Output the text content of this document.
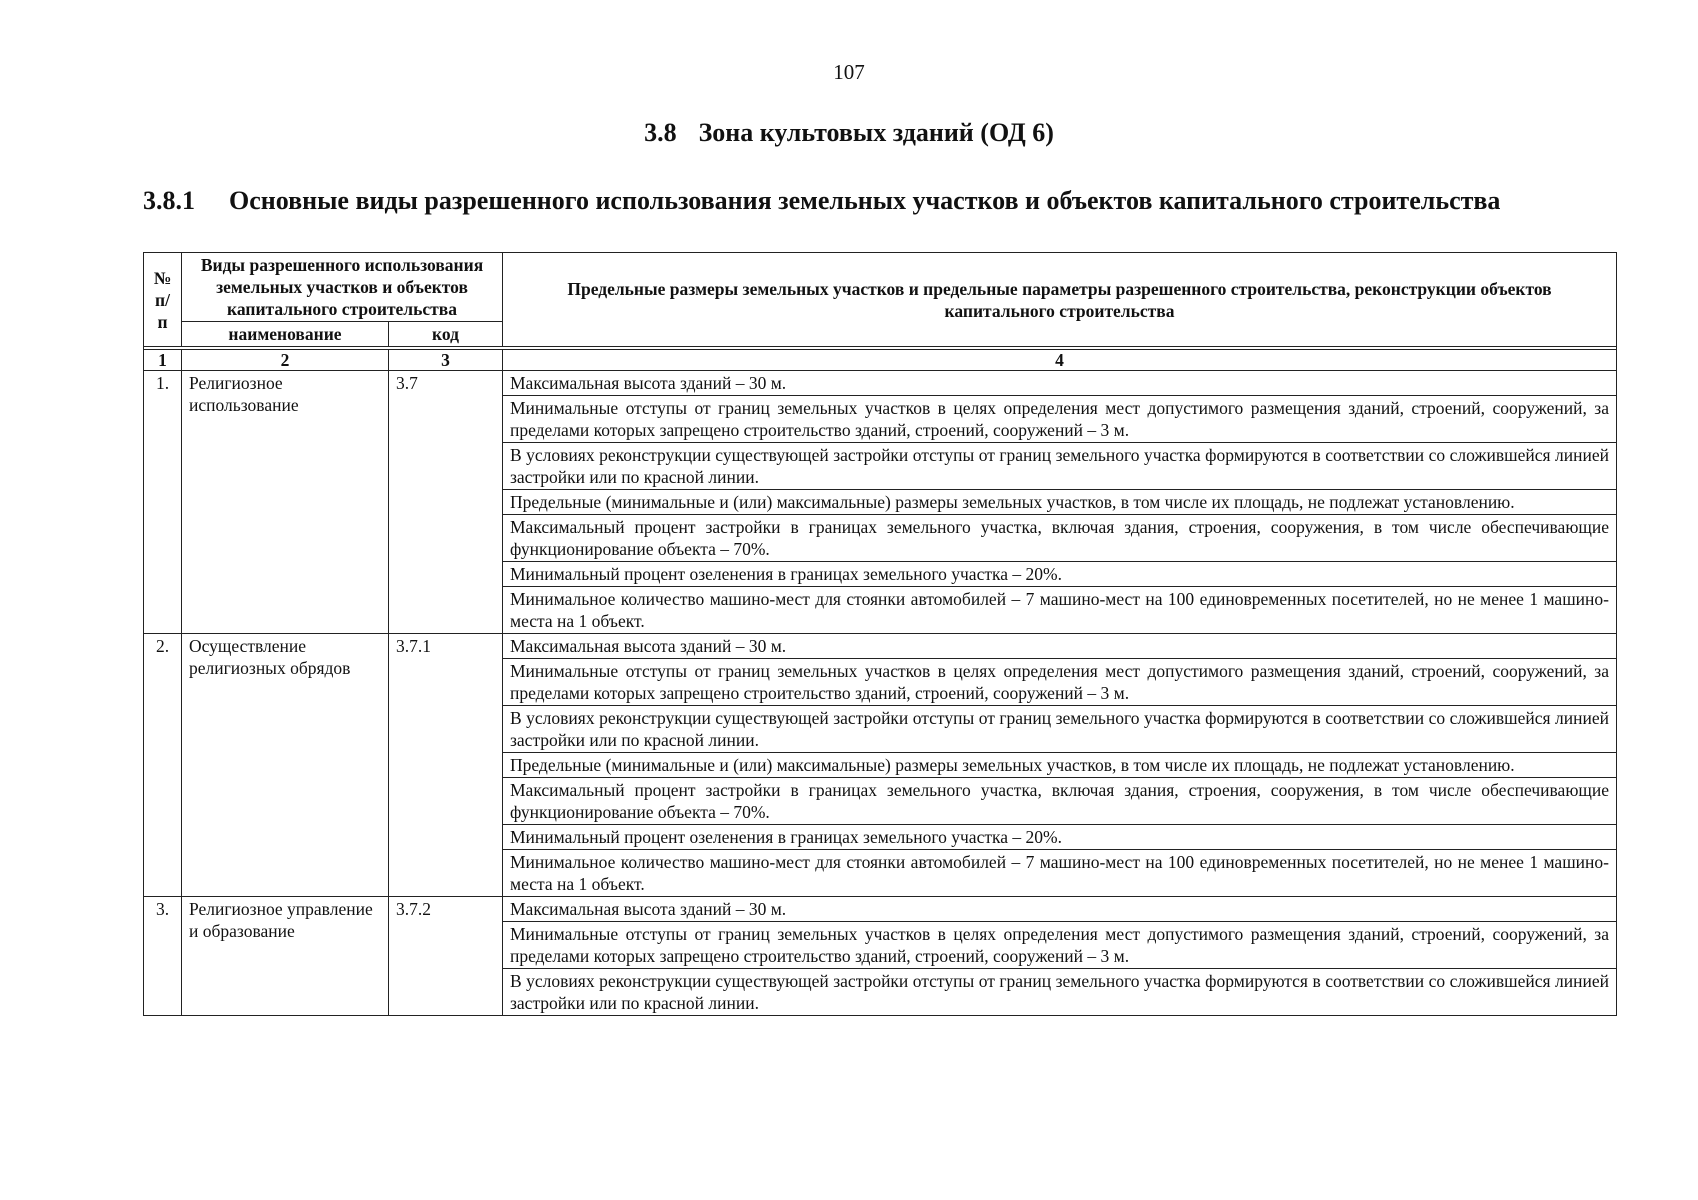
107
3.8 Зона культовых зданий (ОД 6)
3.8.1 Основные виды разрешенного использования земельных участков и объектов капитального строительства
№ п/п	Виды разрешенного использования земельных участков и объектов капитального строительства		Предельные размеры земельных участков и предельные параметры разрешенного строительства, реконструкции объектов капитального строительства
	наименование	код	

1	2	3	4
1.	Религиозное использование	3.7	Максимальная высота зданий – 30 м.
			Минимальные отступы от границ земельных участков в целях определения мест допустимого размещения зданий, строений, сооружений, за пределами которых запрещено строительство зданий, строений, сооружений – 3 м.
			В условиях реконструкции существующей застройки отступы от границ земельного участка формируются в соответствии со сложившейся линией застройки или по красной линии.
			Предельные (минимальные и (или) максимальные) размеры земельных участков, в том числе их площадь, не подлежат установлению.
			Максимальный процент застройки в границах земельного участка, включая здания, строения, сооружения, в том числе обеспечивающие функционирование объекта – 70%.
			Минимальный процент озеленения в границах земельного участка – 20%.
			Минимальное количество машино-мест для стоянки автомобилей – 7 машино-мест на 100 единовременных посетителей, но не менее 1 машино-места на 1 объект.
2.	Осуществление религиозных обрядов	3.7.1	Максимальная высота зданий – 30 м.
			Минимальные отступы от границ земельных участков в целях определения мест допустимого размещения зданий, строений, сооружений, за пределами которых запрещено строительство зданий, строений, сооружений – 3 м.
			В условиях реконструкции существующей застройки отступы от границ земельного участка формируются в соответствии со сложившейся линией застройки или по красной линии.
			Предельные (минимальные и (или) максимальные) размеры земельных участков, в том числе их площадь, не подлежат установлению.
			Максимальный процент застройки в границах земельного участка, включая здания, строения, сооружения, в том числе обеспечивающие функционирование объекта – 70%.
			Минимальный процент озеленения в границах земельного участка – 20%.
			Минимальное количество машино-мест для стоянки автомобилей – 7 машино-мест на 100 единовременных посетителей, но не менее 1 машино-места на 1 объект.
3.	Религиозное управление и образование	3.7.2	Максимальная высота зданий – 30 м.
			Минимальные отступы от границ земельных участков в целях определения мест допустимого размещения зданий, строений, сооружений, за пределами которых запрещено строительство зданий, строений, сооружений – 3 м.
			В условиях реконструкции существующей застройки отступы от границ земельного участка формируются в соответствии со сложившейся линией застройки или по красной линии.
